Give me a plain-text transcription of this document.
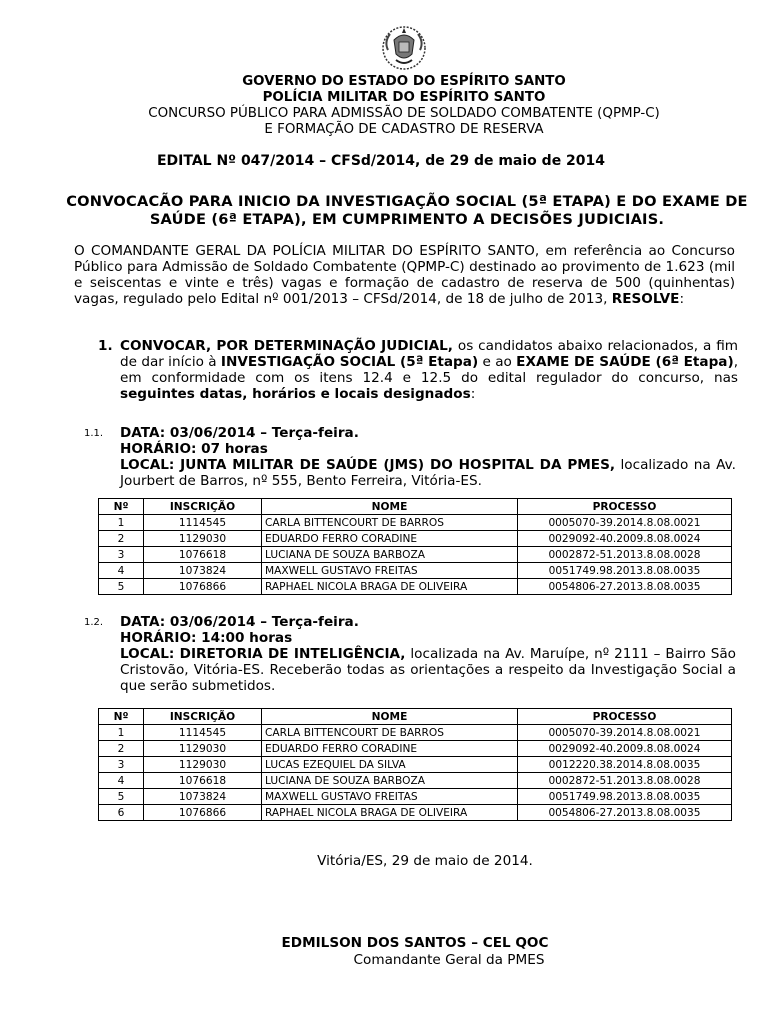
GOVERNO DO ESTADO DO ESPÍRITO SANTO
POLÍCIA MILITAR DO ESPÍRITO SANTO
CONCURSO PÚBLICO PARA ADMISSÃO DE SOLDADO COMBATENTE (QPMP-C)
E FORMAÇÃO DE CADASTRO DE RESERVA
EDITAL Nº 047/2014 – CFSd/2014, de 29 de maio de 2014
CONVOCACÃO PARA INICIO DA INVESTIGAÇÃO SOCIAL (5ª ETAPA) E DO EXAME DE SAÚDE (6ª ETAPA), EM CUMPRIMENTO A DECISÕES JUDICIAIS.
O COMANDANTE GERAL DA POLÍCIA MILITAR DO ESPÍRITO SANTO, em referência ao Concurso Público para Admissão de Soldado Combatente (QPMP-C) destinado ao provimento de 1.623 (mil e seiscentas e vinte e três) vagas e formação de cadastro de reserva de 500 (quinhentas) vagas, regulado pelo Edital nº 001/2013 – CFSd/2014, de 18 de julho de 2013, RESOLVE:
1. CONVOCAR, POR DETERMINAÇÃO JUDICIAL, os candidatos abaixo relacionados, a fim de dar início à INVESTIGAÇÃO SOCIAL (5ª Etapa) e ao EXAME DE SAÚDE (6ª Etapa), em conformidade com os itens 12.4 e 12.5 do edital regulador do concurso, nas seguintes datas, horários e locais designados:
1.1. DATA: 03/06/2014 – Terça-feira.
HORÁRIO: 07 horas
LOCAL: JUNTA MILITAR DE SAÚDE (JMS) DO HOSPITAL DA PMES, localizado na Av. Jourbert de Barros, nº 555, Bento Ferreira, Vitória-ES.
Nº	INSCRIÇÃO	NOME	PROCESSO
1	1114545	CARLA BITTENCOURT DE BARROS	0005070-39.2014.8.08.0021
2	1129030	EDUARDO FERRO CORADINE	0029092-40.2009.8.08.0024
3	1076618	LUCIANA DE SOUZA BARBOZA	0002872-51.2013.8.08.0028
4	1073824	MAXWELL GUSTAVO FREITAS	0051749.98.2013.8.08.0035
5	1076866	RAPHAEL NICOLA BRAGA DE OLIVEIRA	0054806-27.2013.8.08.0035
1.2. DATA: 03/06/2014 – Terça-feira.
HORÁRIO: 14:00 horas
LOCAL: DIRETORIA DE INTELIGÊNCIA, localizada na Av. Maruípe, nº 2111 – Bairro São Cristovão, Vitória-ES. Receberão todas as orientações a respeito da Investigação Social a que serão submetidos.
Nº	INSCRIÇÃO	NOME	PROCESSO
1	1114545	CARLA BITTENCOURT DE BARROS	0005070-39.2014.8.08.0021
2	1129030	EDUARDO FERRO CORADINE	0029092-40.2009.8.08.0024
3	1129030	LUCAS EZEQUIEL DA SILVA	0012220.38.2014.8.08.0035
4	1076618	LUCIANA DE SOUZA BARBOZA	0002872-51.2013.8.08.0028
5	1073824	MAXWELL GUSTAVO FREITAS	0051749.98.2013.8.08.0035
6	1076866	RAPHAEL NICOLA BRAGA DE OLIVEIRA	0054806-27.2013.8.08.0035
Vitória/ES, 29 de maio de 2014.
EDMILSON DOS SANTOS – CEL QOC
Comandante Geral da PMES
